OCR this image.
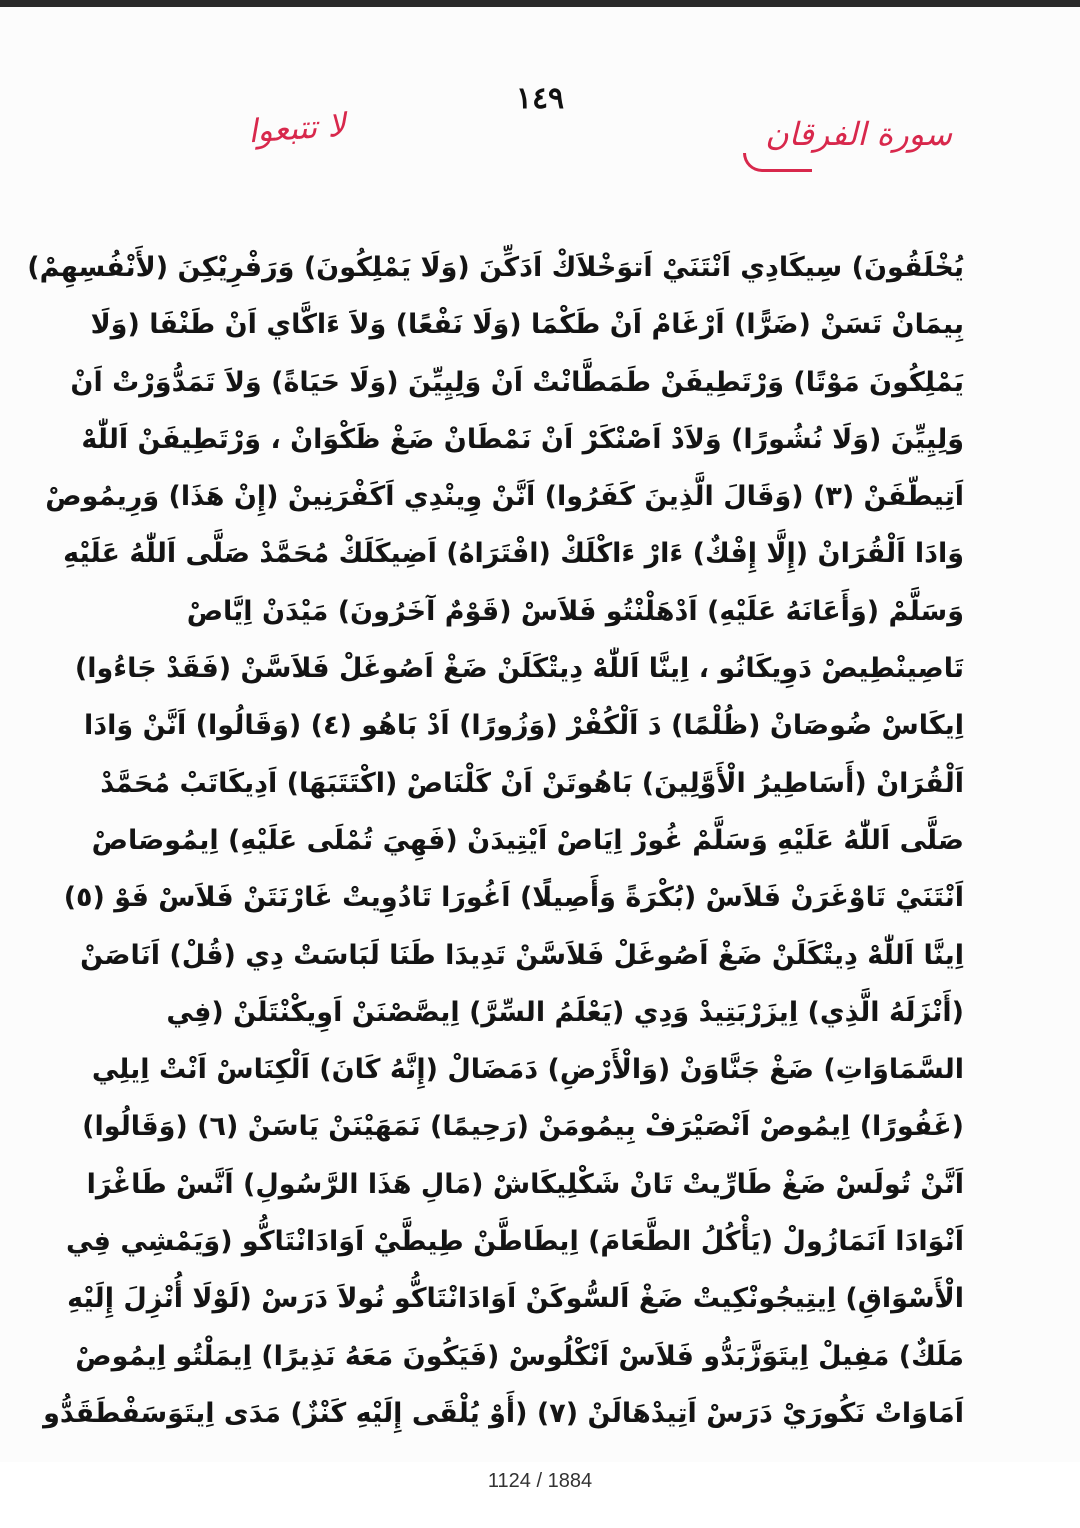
١٤٩
سورة الفرقان
لا تتبعوا
يُخْلَقُونَ) سِيكَادِي اَنْتَنَيْ اَتوَخْلاَكْ اَدَكِّنَ (وَلَا يَمْلِكُونَ) وَرَفْرِيْكِنَ (لأَنْفُسِهِمْ)
بِيمَانْ تَسَنْ (ضَرًّا) اَرْغَامْ اَنْ طَكْمَا (وَلَا نَفْعًا) وَلاَ ءَاكَّاي اَنْ طَنْفَا (وَلَا
يَمْلِكُونَ مَوْتًا) وَرْتَطِيفَنْ طَمَطَّانْتْ اَنْ وَلِيِيِّنَ (وَلَا حَيَاةً) وَلاَ تَمَدُّوَرْتْ اَنْ
وَلِيِيِّنَ (وَلَا نُشُورًا) وَلاَدْ اَصْنْكَرْ اَنْ نَمْطَانْ ضَغْ ظَكْوَانْ ، وَرْتَطِيفَنْ اَللّٰهْ
اَتِيطّفَنْ (٣) (وَقَالَ الَّذِينَ كَفَرُوا) اَنَّنْ وِينْدِي اَكَفْرَنِينْ (إِنْ هَذَا) وَرِيمُوصْ
وَادَا اَلْقُرَانْ (إِلَّا إِفْكٌ) ءَارْ ءَاكْلَكْ (افْتَرَاهُ) اَضِيكَلَكْ مُحَمَّدْ صَلَّى اَللّٰهُ عَلَيْهِ
وَسَلَّمْ (وَأَعَانَهُ عَلَيْهِ) اَدْهَلْنْتُو فَلاَسْ (قَوْمٌ آخَرُونَ) مَيْدَنْ اِيَّاصْ
تَاصِينْطِيصْ دَوِيكَانُو ، اِينَّا اَللّٰهْ دِيتْكَلَنْ ضَغْ اَصُوغَلْ فَلاَسَّنْ (فَقَدْ جَاءُوا)
اِيكَاسْ ضُوصَانْ (ظُلْمًا) دَ اَلْكُفْرْ (وَزُورًا) اَدْ بَاهُو (٤) (وَقَالُوا) اَنَّنْ وَادَا
اَلْقُرَانْ (أَسَاطِيرُ الْأَوَّلِينَ) بَاهُوتَنْ اَنْ كَلْنَاصْ (اكْتَتَبَهَا) اَدِيكَاتَبْ مُحَمَّدْ
صَلَّى اَللّٰهُ عَلَيْهِ وَسَلَّمْ غُورْ اِيَاصْ اَيْتِيدَنْ (فَهِيَ تُمْلَى عَلَيْهِ) اِيمُوصَاصْ
اَنْتَنَيْ تَاوْغَرَنْ فَلاَسْ (بُكْرَةً وَأَصِيلًا) اَغُورَا تَادُوِيتْ غَارْنَتَنْ فَلاَسْ فَوْ (٥)
اِينَّا اَللّٰهْ دِيتْكَلَنْ ضَغْ اَصُوغَلْ فَلاَسَّنْ تَدِيدَا طَنَا لَبَاسَتْ دِي (قُلْ) اَنَاصَنْ
(أَنْزَلَهُ الَّذِي) اِيزَرْبَتِيدْ وَدِي (يَعْلَمُ السِّرَّ) اِيصَّصْنَنْ اَوِيكْنْتَلَنْ (فِي
السَّمَاوَاتِ) ضَغْ جَنَّاوَنْ (وَالْأَرْضِ) دَمَضَالْ (إِنَّهُ كَانَ) اَلْكِنَاسْ اَنْتْ اِيلِي
(غَفُورًا) اِيمُوصْ اَنْصَيْرَفْ بِيمُومَنْ (رَحِيمًا) نَمَهَيْنَنْ يَاسَنْ (٦) (وَقَالُوا)
اَنَّنْ تُولَسْ ضَغْ طَارِّيتْ تَانْ شَكْلِيكَاشْ (مَالِ هَذَا الرَّسُولِ) اَنَّسْ طَاغْرَا
اَنْوَادَا اَنَمَازُولْ (يَأْكُلُ الطَّعَامَ) اِيطَاطَّنْ طِيطَّيْ اَوَادَانْتَاكُّو (وَيَمْشِي فِي
الْأَسْوَاقِ) اِيتِيجُونْكِيتْ ضَغْ اَلسُّوكَنْ اَوَادَانْتَاكُّو نُولاَ دَرَسْ (لَوْلَا أُنْزِلَ إِلَيْهِ
مَلَكٌ) مَفِيلْ اِيتَوَزَّبَدُّو فَلاَسْ اَنْكْلُوسْ (فَيَكُونَ مَعَهُ نَذِيرًا) اِيمَلْتُو اِيمُوصْ
اَمَاوَاتْ نَكُورَيْ دَرَسْ اَتِيدْهَالَنْ (٧) (أَوْ يُلْقَى إِلَيْهِ كَنْزٌ) مَدَى اِيتَوَسَفْطَقَدُّو
1124 / 1884
